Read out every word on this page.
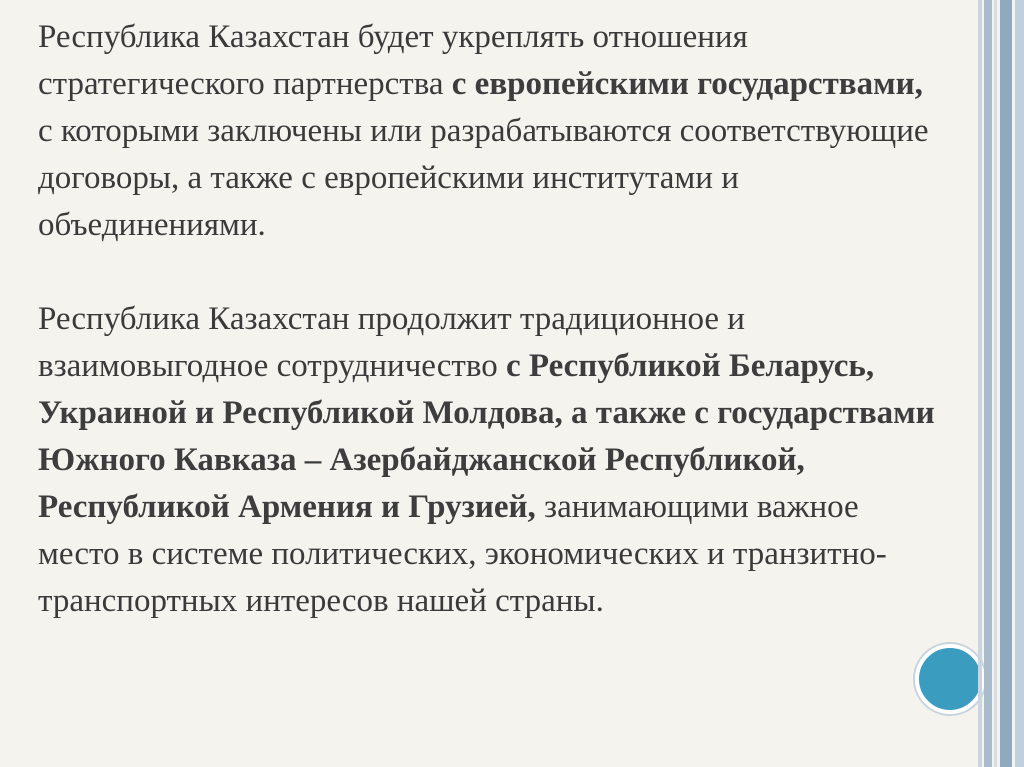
Республика Казахстан будет укреплять отношения стратегического партнерства с европейскими государствами, с которыми заключены или разрабатываются соответствующие договоры, а также с европейскими институтами и объединениями.

Республика Казахстан продолжит традиционное и взаимовыгодное сотрудничество с Республикой Беларусь, Украиной и Республикой Молдова, а также с государствами Южного Кавказа – Азербайджанской Республикой, Республикой Армения и Грузией, занимающими важное место в системе политических, экономических и транзитно-транспортных интересов нашей страны.
